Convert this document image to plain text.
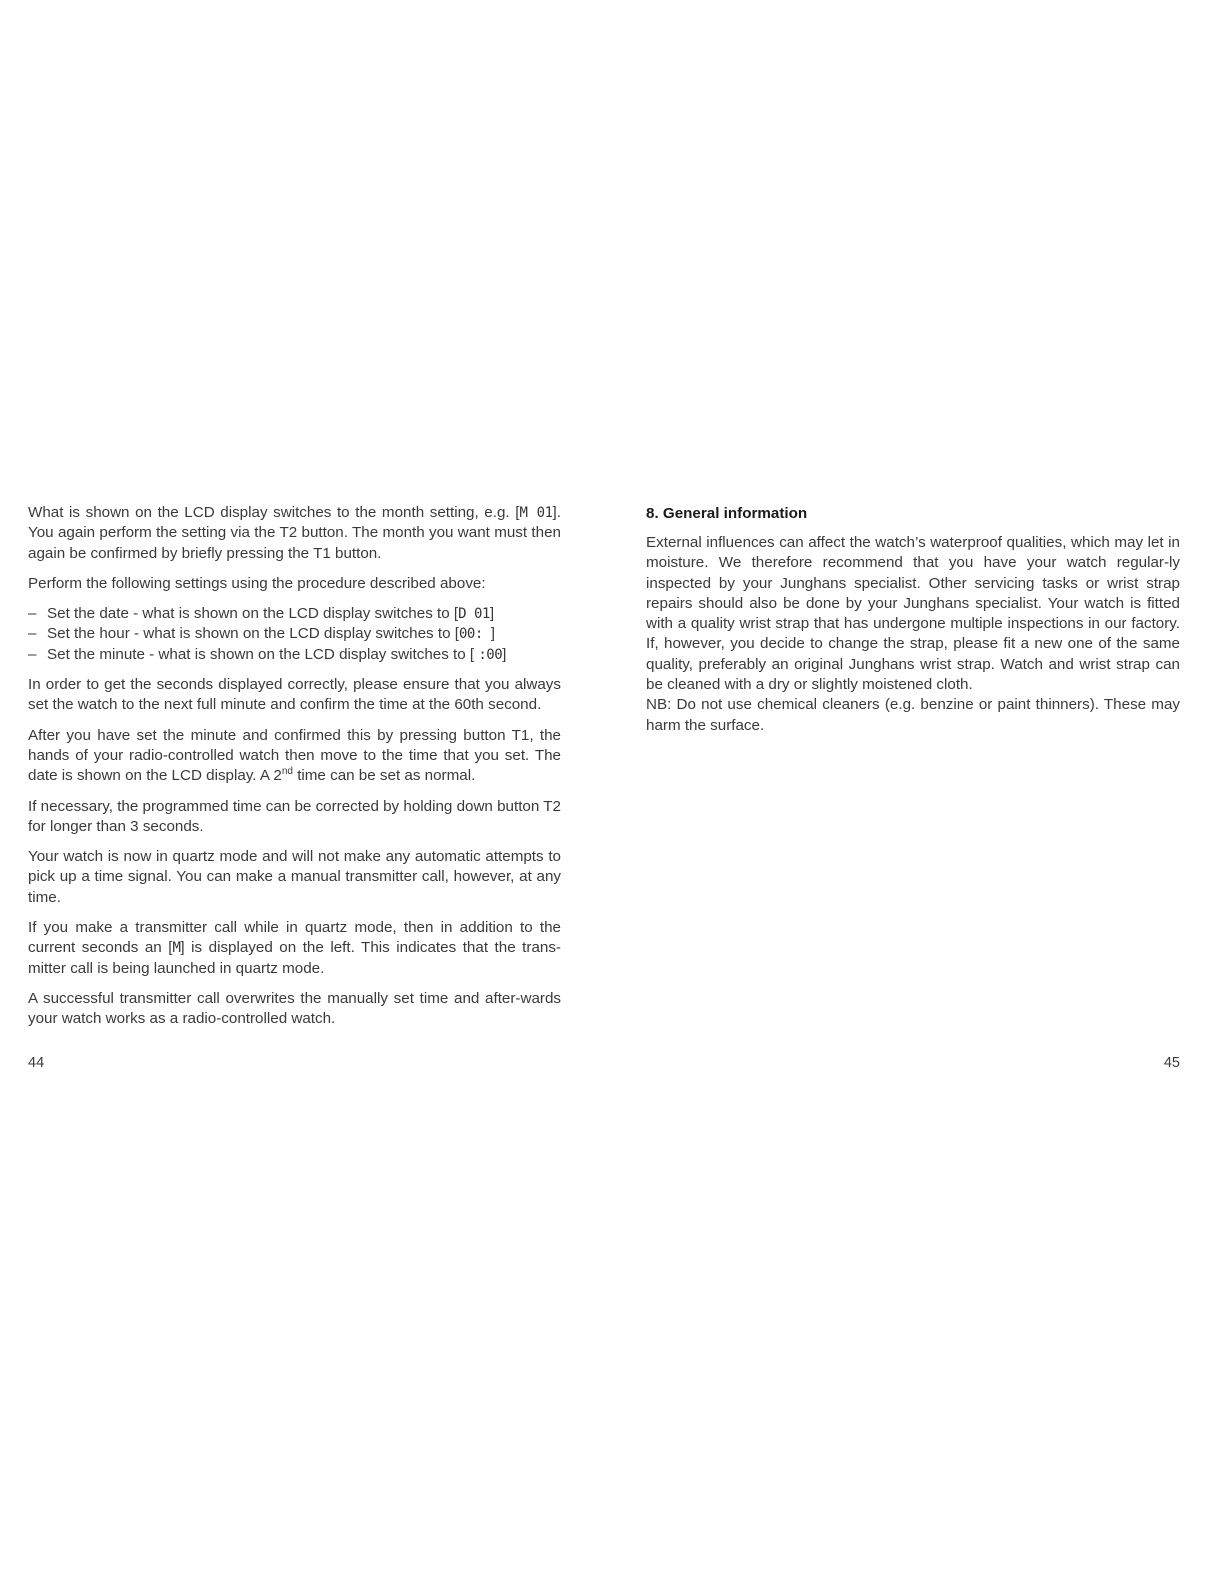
What is shown on the LCD display switches to the month setting, e.g. [M 01]. You again perform the setting via the T2 button. The month you want must then again be confirmed by briefly pressing the T1 button.

Perform the following settings using the procedure described above:

– Set the date - what is shown on the LCD display switches to [D 01]
– Set the hour - what is shown on the LCD display switches to [00: ]
– Set the minute - what is shown on the LCD display switches to [ :00]

In order to get the seconds displayed correctly, please ensure that you always set the watch to the next full minute and confirm the time at the 60th second.

After you have set the minute and confirmed this by pressing button T1, the hands of your radio-controlled watch then move to the time that you set. The date is shown on the LCD display. A 2nd time can be set as normal.

If necessary, the programmed time can be corrected by holding down button T2 for longer than 3 seconds.

Your watch is now in quartz mode and will not make any automatic attempts to pick up a time signal. You can make a manual transmitter call, however, at any time.

If you make a transmitter call while in quartz mode, then in addition to the current seconds an [M] is displayed on the left. This indicates that the trans-mitter call is being launched in quartz mode.

A successful transmitter call overwrites the manually set time and after-wards your watch works as a radio-controlled watch.

44
8. General information

External influences can affect the watch’s waterproof qualities, which may let in moisture. We therefore recommend that you have your watch regular-ly inspected by your Junghans specialist. Other servicing tasks or wrist strap repairs should also be done by your Junghans specialist. Your watch is fitted with a quality wrist strap that has undergone multiple inspections in our factory. If, however, you decide to change the strap, please fit a new one of the same quality, preferably an original Junghans wrist strap. Watch and wrist strap can be cleaned with a dry or slightly moistened cloth.

NB: Do not use chemical cleaners (e.g. benzine or paint thinners). These may harm the surface.

45
